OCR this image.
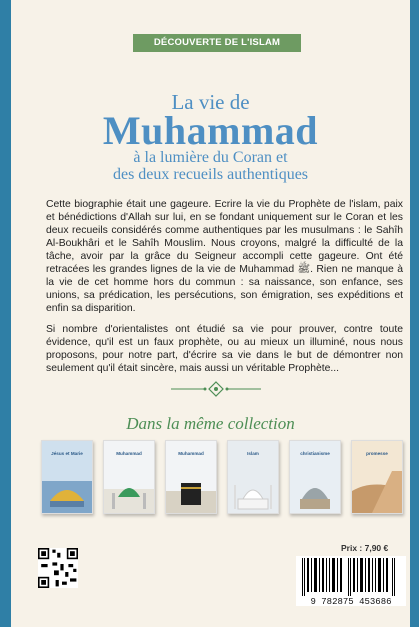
DÉCOUVERTE DE L'ISLAM
La vie de
Muhammad
à la lumière du Coran et
des deux recueils authentiques

Cette biographie était une gageure. Ecrire la vie du Prophète de l'islam, paix et bénédictions d'Allah sur lui, en se fondant uniquement sur le Coran et les deux recueils considérés comme authentiques par les musulmans : le Sahîh Al-Boukhâri et le Sahîh Mouslim. Nous croyons, malgré la difficulté de la tâche, avoir par la grâce du Seigneur accompli cette gageure. Ont été retracées les grandes lignes de la vie de Muhammad ﷺ. Rien ne manque à la vie de cet homme hors du commun : sa naissance, son enfance, ses unions, sa prédication, les persécutions, son émigration, ses expéditions et enfin sa disparition.

Si nombre d'orientalistes ont étudié sa vie pour prouver, contre toute évidence, qu'il est un faux prophète, ou au mieux un illuminé, nous nous proposons, pour notre part, d'écrire sa vie dans le but de démontrer non seulement qu'il était sincère, mais aussi un véritable Prophète...

Dans la même collection
Jésus et Marie	Muhammad	Muhammad	Islam	christianisme	promesse
Prix : 7,90 €
9 782875 453686
